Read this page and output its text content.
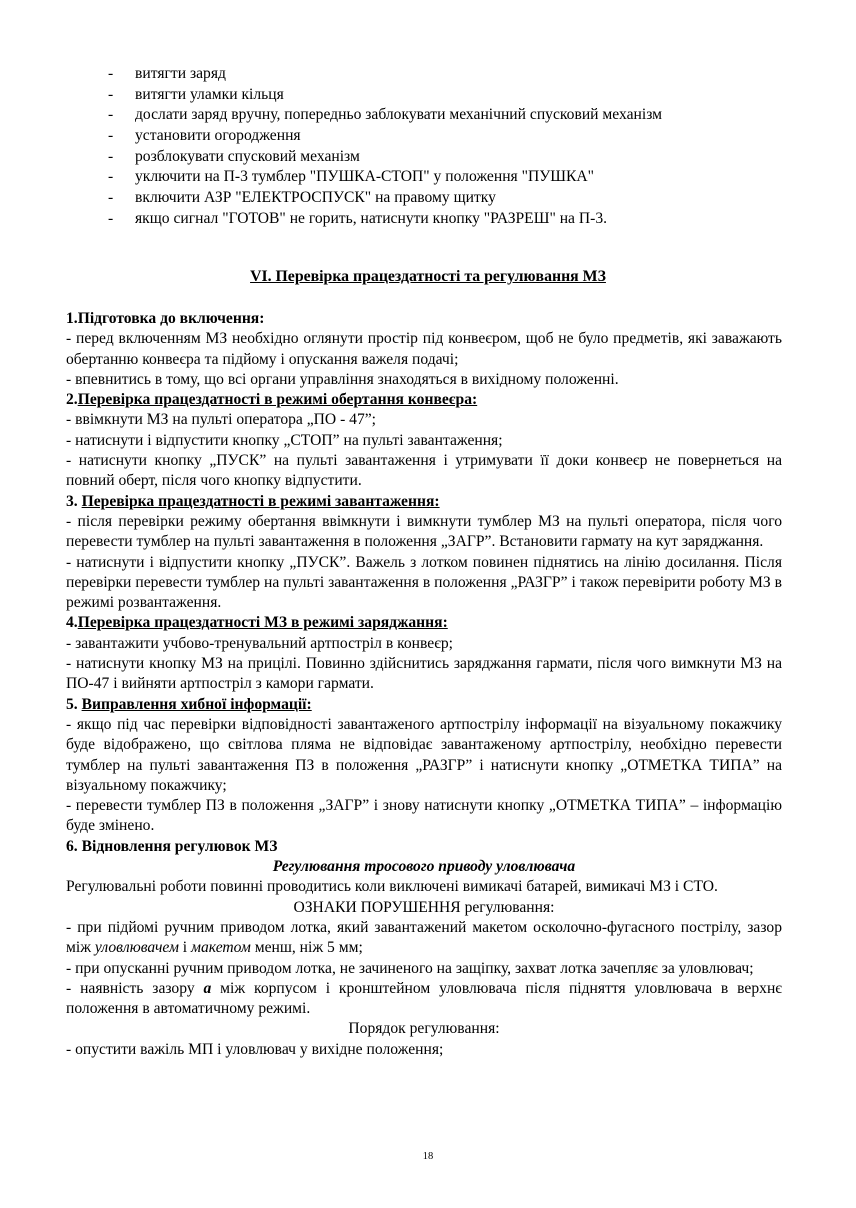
- витягти заряд
- витягти уламки кільця
- дослати заряд вручну, попередньо заблокувати механічний спусковий механізм
- установити огородження
- розблокувати спусковий механізм
- уключити на П-3 тумблер "ПУШКА-СТОП" у положення "ПУШКА"
- включити АЗР "ЕЛЕКТРОСПУСК" на правому щитку
- якщо сигнал "ГОТОВ" не горить, натиснути кнопку "РАЗРЕШ" на П-3.
VI. Перевірка працездатності та регулювання МЗ

1.Підготовка до включення:

- перед включенням МЗ необхідно оглянути простір під конвеєром, щоб не було предметів, які заважають обертанню конвеєра та підйому і опускання важеля подачі;

- впевнитись в тому, що всі органи управління знаходяться в вихідному положенні.

2.Перевірка працездатності в режимі обертання конвеєра:

- ввімкнути МЗ на пульті оператора „ПО - 47”;

- натиснути і відпустити кнопку „СТОП” на пульті завантаження;

- натиснути кнопку „ПУСК” на пульті завантаження і утримувати її доки конвеєр не повернеться на повний оберт, після чого кнопку відпустити.

3. Перевірка працездатності в режимі завантаження:

- після перевірки режиму обертання ввімкнути і вимкнути тумблер МЗ на пульті оператора, після чого перевести тумблер на пульті завантаження в положення „ЗАГР”. Встановити гармату на кут заряджання.

- натиснути і відпустити кнопку „ПУСК”. Важель з лотком повинен піднятись на лінію досилання. Після перевірки перевести тумблер на пульті завантаження в положення „РАЗГР” і також перевірити роботу МЗ в режимі розвантаження.

4.Перевірка працездатності МЗ в режимі заряджання:

- завантажити учбово-тренувальний артпостріл в конвеєр;

- натиснути кнопку МЗ на прицілі. Повинно здійснитись заряджання гармати, після чого вимкнути МЗ на ПО-47 і вийняти артпостріл з камори гармати.

5. Виправлення хибної інформації:

- якщо під час перевірки відповідності завантаженого артпострілу інформації на візуальному покажчику буде відображено, що світлова пляма не відповідає завантаженому артпострілу, необхідно перевести тумблер на пульті завантаження ПЗ в положення „РАЗГР” і натиснути кнопку „ОТМЕТКА ТИПА” на візуальному покажчику;

- перевести тумблер ПЗ в положення „ЗАГР” і знову натиснути кнопку „ОТМЕТКА ТИПА” – інформацію буде змінено.

6. Відновлення регулювок МЗ

Регулювання тросового приводу уловлювача

Регулювальні роботи повинні проводитись коли виключені вимикачі батарей, вимикачі МЗ і СТО.

ОЗНАКИ ПОРУШЕННЯ регулювання:

- при підйомі ручним приводом лотка, який завантажений макетом осколочно-фугасного пострілу, зазор між уловлювачем і макетом менш, ніж 5 мм;

- при опусканні ручним приводом лотка, не зачиненого на защіпку, захват лотка зачепляє за уловлювач;

- наявність зазору а між корпусом і кронштейном уловлювача після підняття уловлювача в верхнє положення в автоматичному режимі.

Порядок регулювання:

- опустити важіль МП і уловлювач у вихідне положення;

18
